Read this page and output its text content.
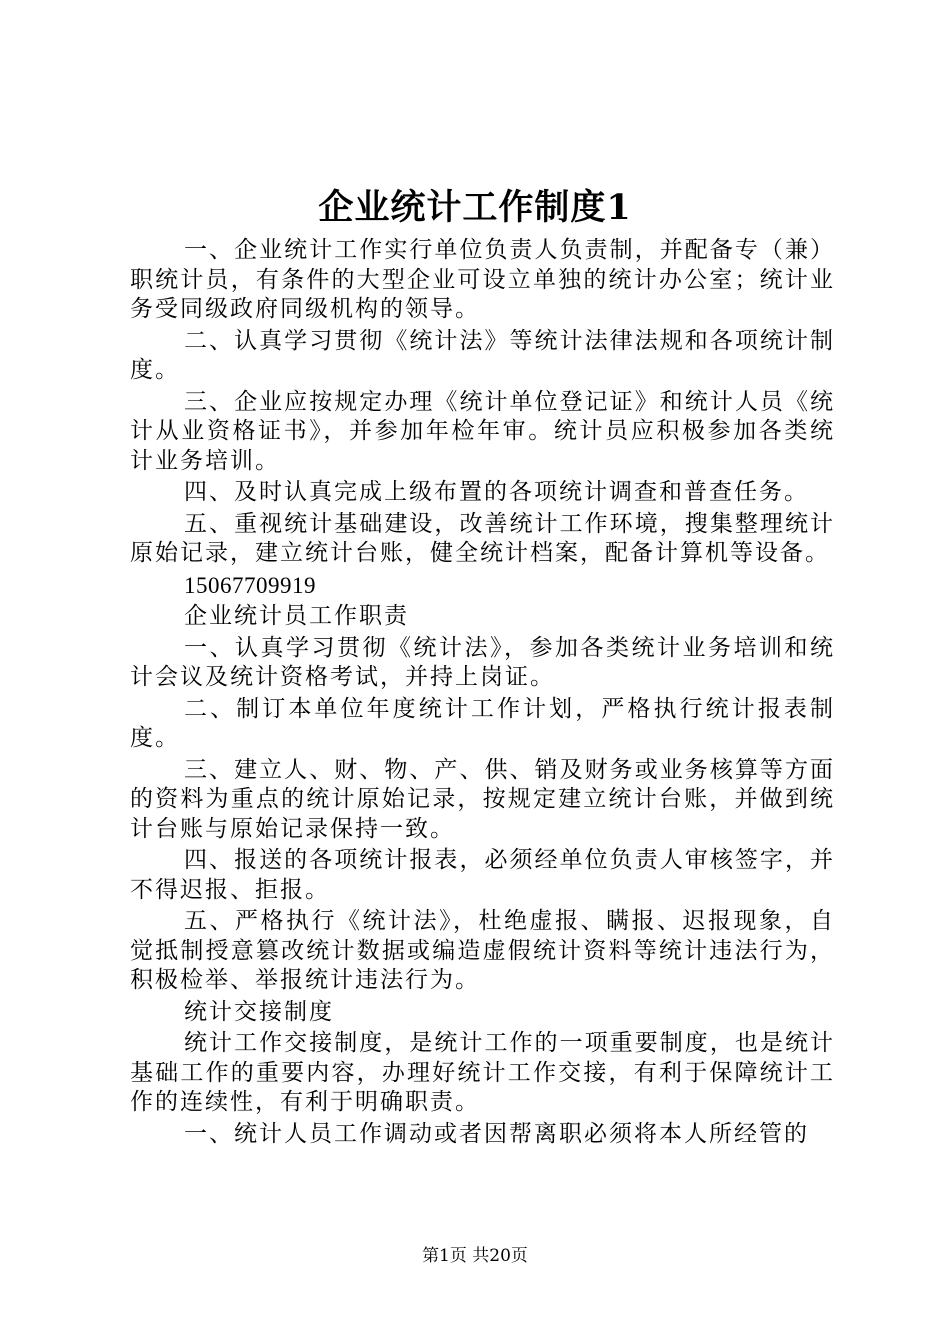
企业统计工作制度1

一、企业统计工作实行单位负责人负责制，并配备专（兼）职统计员，有条件的大型企业可设立单独的统计办公室；统计业务受同级政府同级机构的领导。

二、认真学习贯彻《统计法》等统计法律法规和各项统计制度。

三、企业应按规定办理《统计单位登记证》和统计人员《统计从业资格证书》，并参加年检年审。统计员应积极参加各类统计业务培训。

四、及时认真完成上级布置的各项统计调查和普查任务。

五、重视统计基础建设，改善统计工作环境，搜集整理统计原始记录，建立统计台账，健全统计档案，配备计算机等设备。

15067709919

企业统计员工作职责

一、认真学习贯彻《统计法》，参加各类统计业务培训和统计会议及统计资格考试，并持上岗证。

二、制订本单位年度统计工作计划，严格执行统计报表制度。

三、建立人、财、物、产、供、销及财务或业务核算等方面的资料为重点的统计原始记录，按规定建立统计台账，并做到统计台账与原始记录保持一致。

四、报送的各项统计报表，必须经单位负责人审核签字，并不得迟报、拒报。

五、严格执行《统计法》，杜绝虚报、瞒报、迟报现象，自觉抵制授意篡改统计数据或编造虚假统计资料等统计违法行为，积极检举、举报统计违法行为。

统计交接制度

统计工作交接制度，是统计工作的一项重要制度，也是统计基础工作的重要内容，办理好统计工作交接，有利于保障统计工作的连续性，有利于明确职责。

一、统计人员工作调动或者因帮离职必须将本人所经管的

第1页 共20页
